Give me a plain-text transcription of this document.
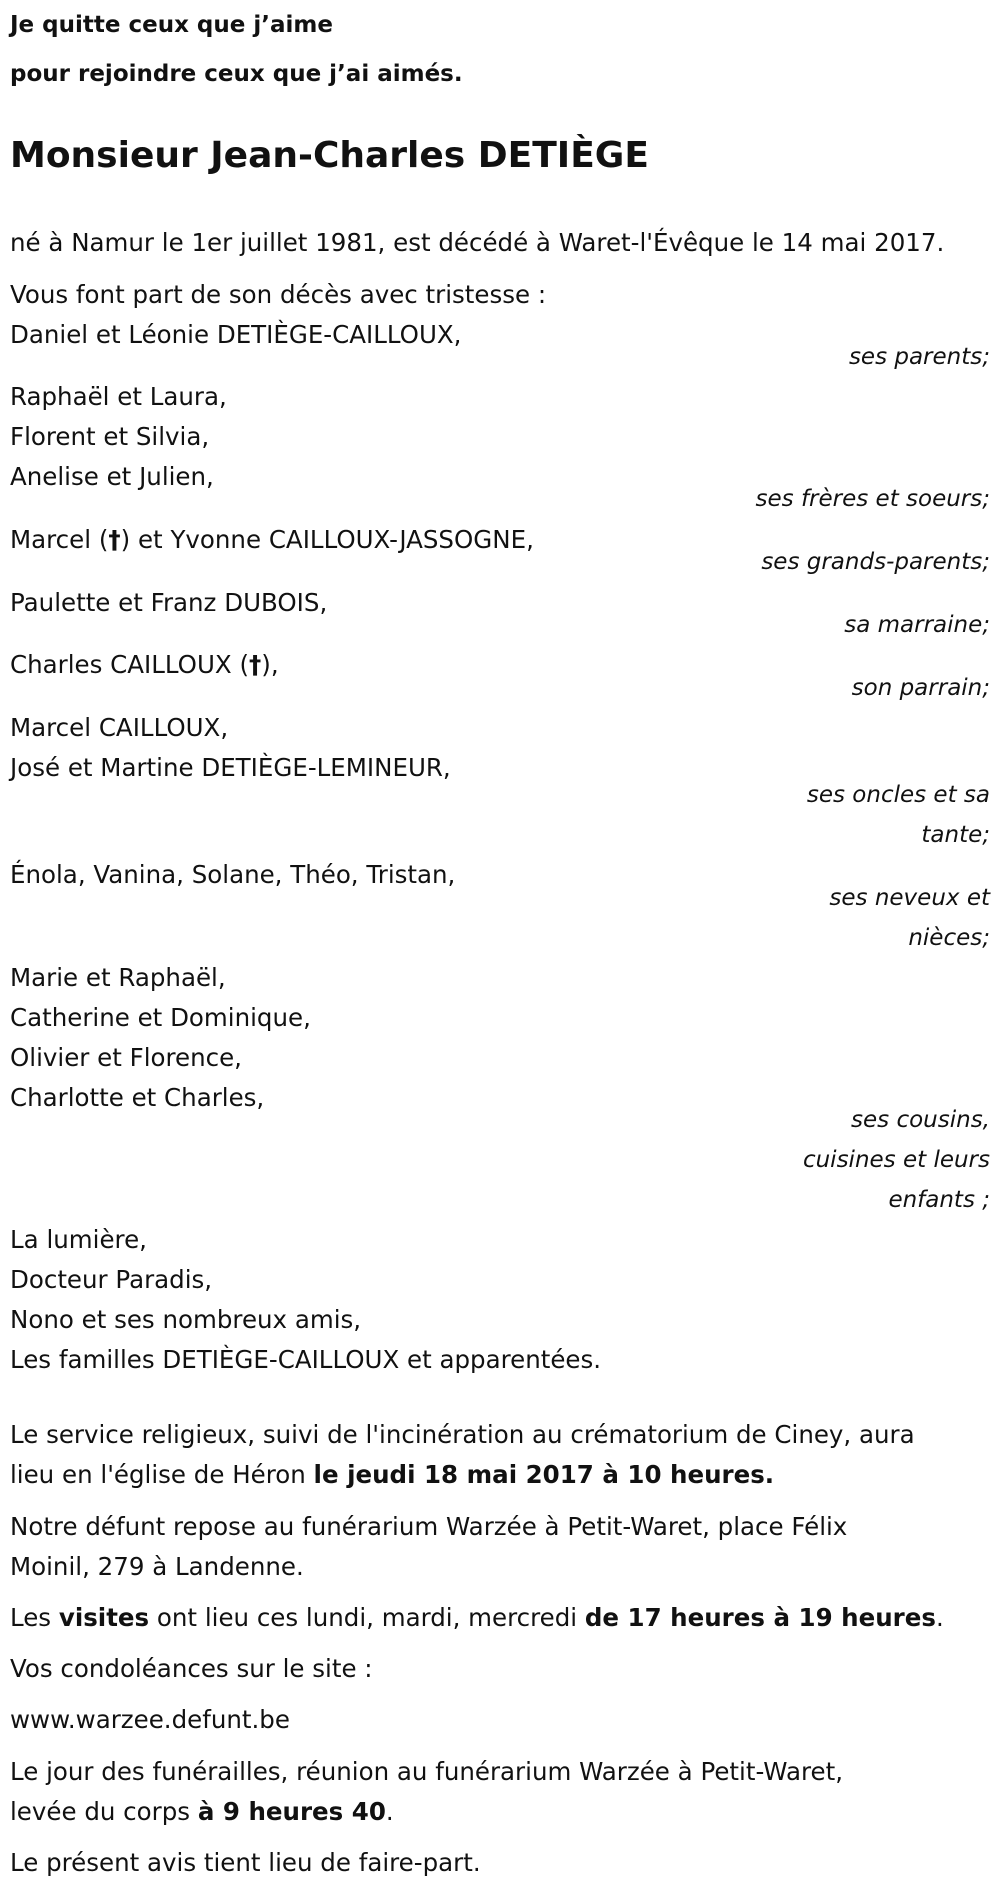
Je quitte ceux que j’aime
pour rejoindre ceux que j’ai aimés.
Monsieur Jean-Charles DETIÈGE
né à Namur le 1er juillet 1981, est décédé à Waret-l'Évêque le 14 mai 2017.
Vous font part de son décès avec tristesse :
Daniel et Léonie DETIÈGE-CAILLOUX,
ses parents;
Raphaël et Laura,
Florent et Silvia,
Anelise et Julien,
ses frères et soeurs;
Marcel (†) et Yvonne CAILLOUX-JASSOGNE,
ses grands-parents;
Paulette et Franz DUBOIS,
sa marraine;
Charles CAILLOUX (†),
son parrain;
Marcel CAILLOUX,
José et Martine DETIÈGE-LEMINEUR,
ses oncles et sa
tante;
Énola, Vanina, Solane, Théo, Tristan,
ses neveux et
nièces;
Marie et Raphaël,
Catherine et Dominique,
Olivier et Florence,
Charlotte et Charles,
ses cousins,
cuisines et leurs
enfants ;
La lumière,
Docteur Paradis,
Nono et ses nombreux amis,
Les familles DETIÈGE-CAILLOUX et apparentées.
Le service religieux, suivi de l'incinération au crématorium de Ciney, aura
lieu en l'église de Héron le jeudi 18 mai 2017 à 10 heures.
Notre défunt repose au funérarium Warzée à Petit-Waret, place Félix
Moinil, 279 à Landenne.
Les visites ont lieu ces lundi, mardi, mercredi de 17 heures à 19 heures.
Vos condoléances sur le site :
www.warzee.defunt.be
Le jour des funérailles, réunion au funérarium Warzée à Petit-Waret,
levée du corps à 9 heures 40.
Le présent avis tient lieu de faire-part.
